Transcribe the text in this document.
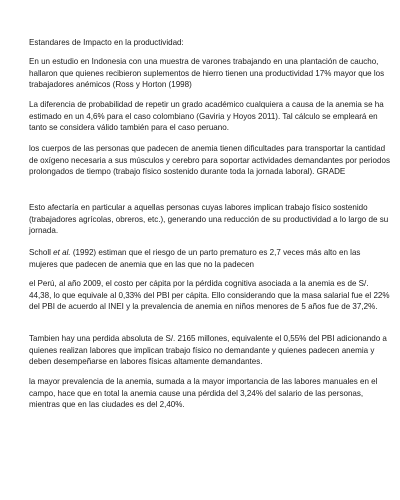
Estandares de Impacto en la productividad:

En un estudio en Indonesia con una muestra de varones trabajando en una plantación de caucho, hallaron que quienes recibieron suplementos de hierro tienen una productividad 17% mayor que los trabajadores anémicos (Ross y Horton (1998)

La diferencia de probabilidad de repetir un grado académico cualquiera a causa de la anemia se ha estimado en un 4,6% para el caso colombiano (Gaviria y Hoyos 2011). Tal cálculo se empleará en tanto se considera válido también para el caso peruano.

los cuerpos de las personas que padecen de anemia tienen dificultades para transportar la cantidad de oxígeno necesaria a sus músculos y cerebro para soportar actividades demandantes por periodos prolongados de tiempo (trabajo físico sostenido durante toda la jornada laboral). GRADE

Esto afectaría en particular a aquellas personas cuyas labores implican trabajo físico sostenido (trabajadores agrícolas, obreros, etc.), generando una reducción de su productividad a lo largo de su jornada.

Scholl et al. (1992) estiman que el riesgo de un parto prematuro es 2,7 veces más alto en las mujeres que padecen de anemia que en las que no la padecen

el Perú, al año 2009, el costo per cápita por la pérdida cognitiva asociada a la anemia es de S/. 44,38, lo que equivale al 0,33% del PBI per cápita. Ello considerando que la masa salarial fue el 22% del PBI de acuerdo al INEI y la prevalencia de anemia en niños menores de 5 años fue de 37,2%.

Tambien hay una perdida absoluta de S/. 2165 millones, equivalente el 0,55% del PBI adicionando a quienes realizan labores que implican trabajo físico no demandante y quienes padecen anemia y deben desempeñarse en labores físicas altamente demandantes.

la mayor prevalencia de la anemia, sumada a la mayor importancia de las labores manuales en el campo, hace que en total la anemia cause una pérdida del 3,24% del salario de las personas, mientras que en las ciudades es del 2,40%.
